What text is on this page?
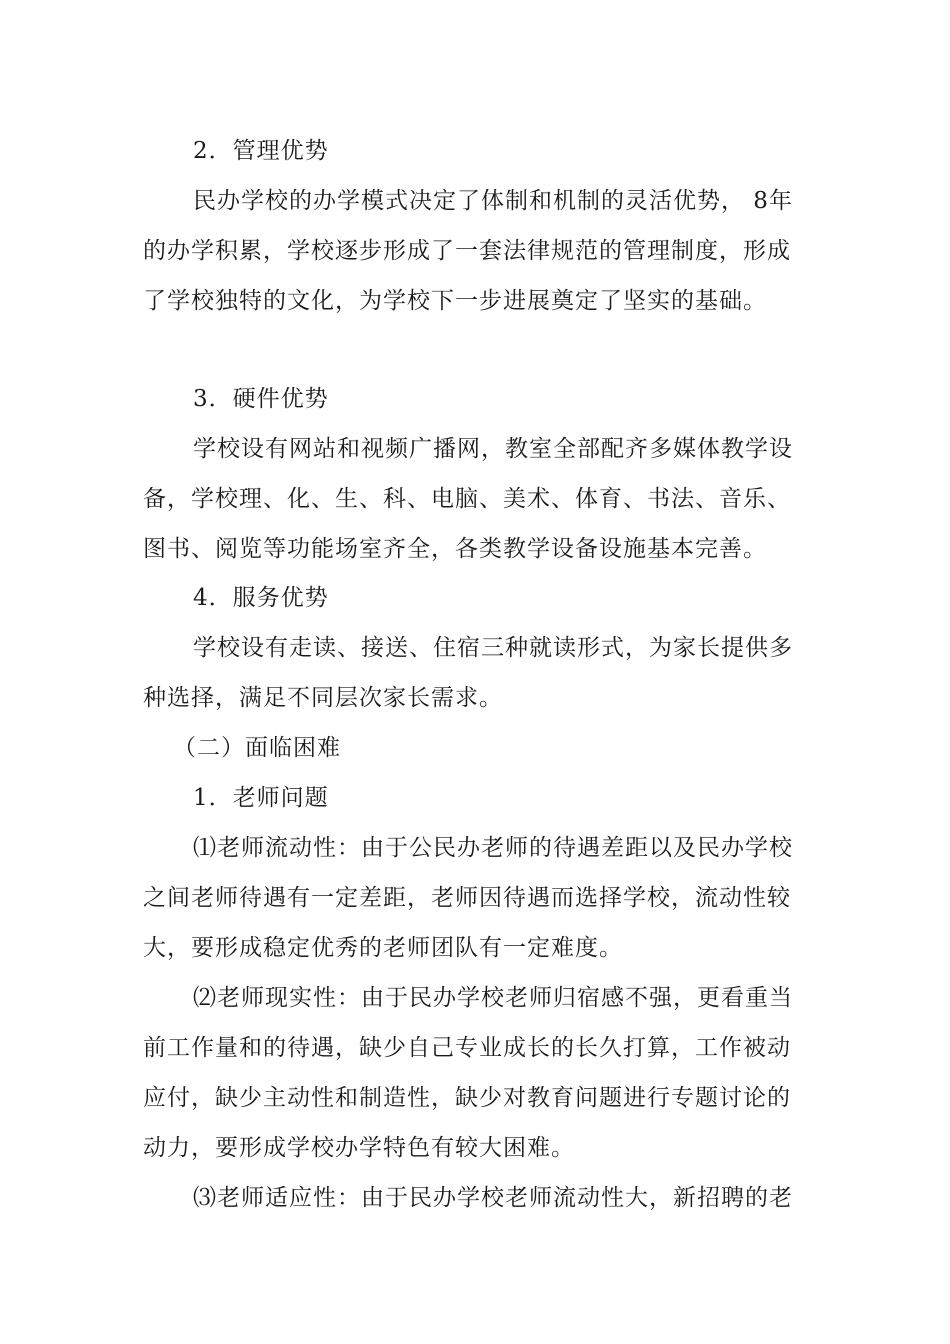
2．管理优势
民办学校的办学模式决定了体制和机制的灵活优势， 8年
的办学积累，学校逐步形成了一套法律规范的管理制度，形成
了学校独特的文化，为学校下一步进展奠定了坚实的基础。
3．硬件优势
学校设有网站和视频广播网，教室全部配齐多媒体教学设
备，学校理、化、生、科、电脑、美术、体育、书法、音乐、
图书、阅览等功能场室齐全，各类教学设备设施基本完善。
4．服务优势
学校设有走读、接送、住宿三种就读形式，为家长提供多
种选择，满足不同层次家长需求。
（二）面临困难
1．老师问题
⑴老师流动性：由于公民办老师的待遇差距以及民办学校
之间老师待遇有一定差距，老师因待遇而选择学校，流动性较
大，要形成稳定优秀的老师团队有一定难度。
⑵老师现实性：由于民办学校老师归宿感不强，更看重当
前工作量和的待遇，缺少自己专业成长的长久打算，工作被动
应付，缺少主动性和制造性，缺少对教育问题进行专题讨论的
动力，要形成学校办学特色有较大困难。
⑶老师适应性：由于民办学校老师流动性大，新招聘的老
